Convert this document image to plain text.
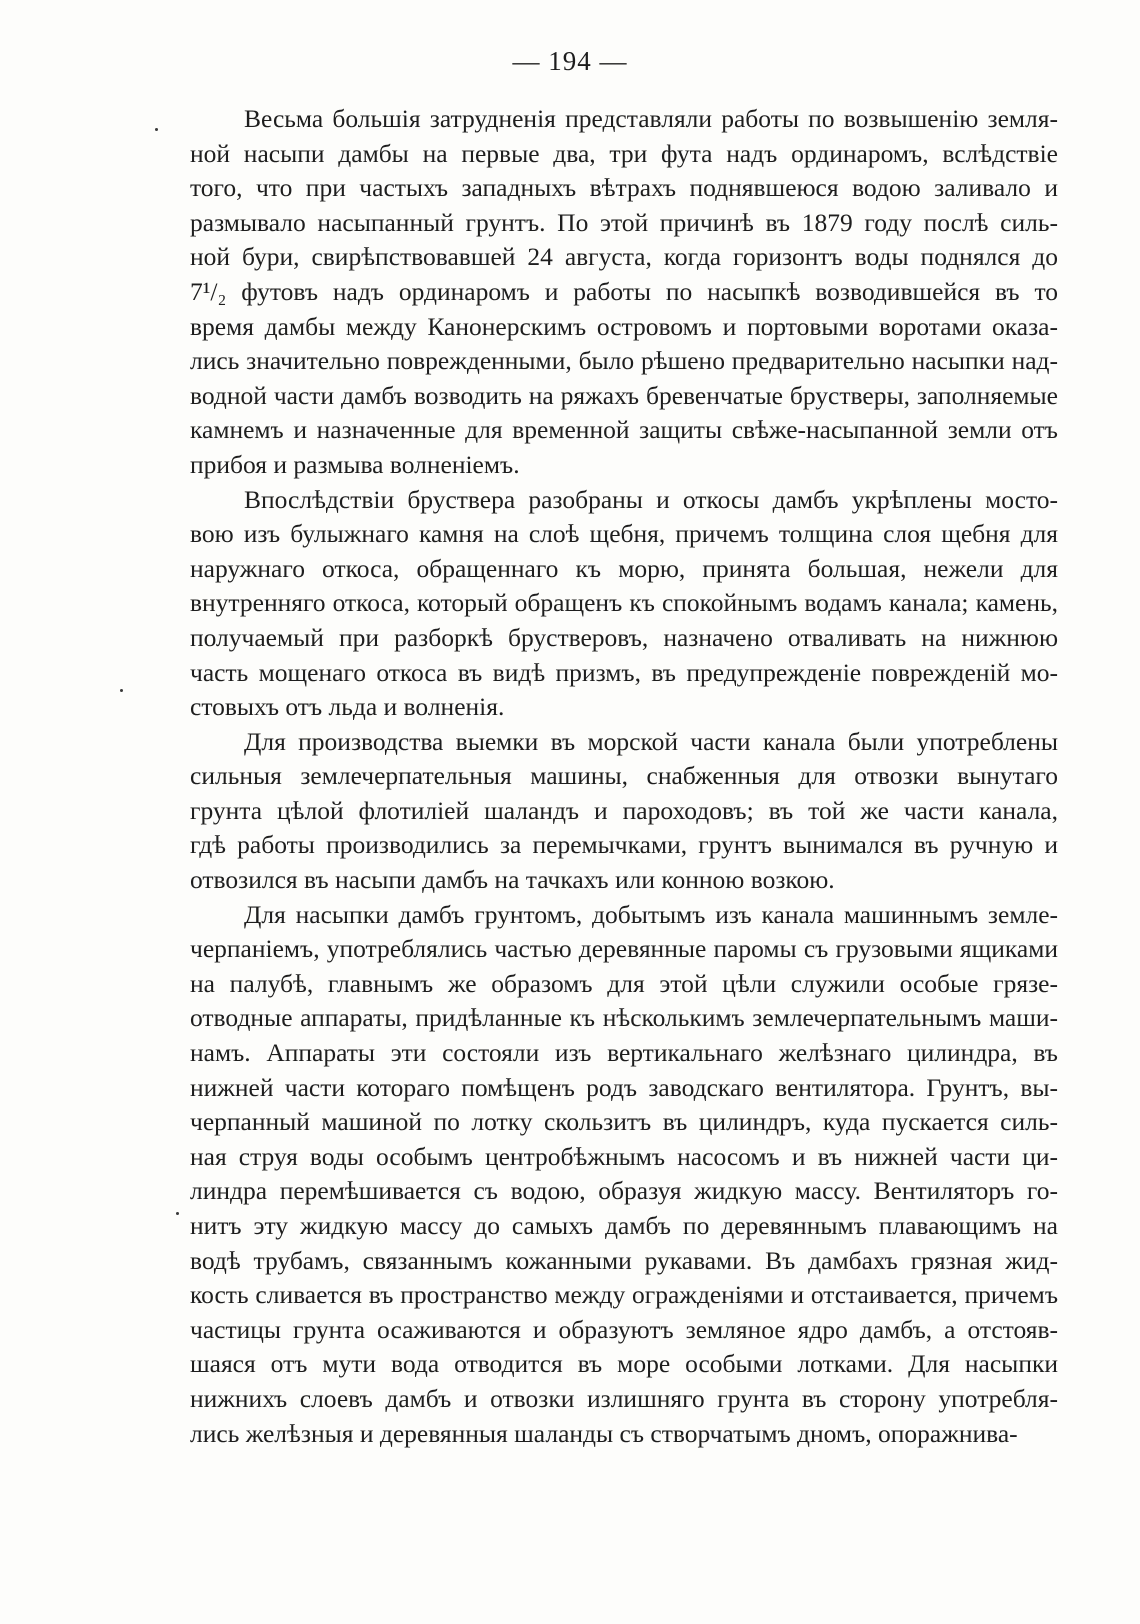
— 194 —
Весьма большія затрудненія представляли работы по возвышенію земля-
ной насыпи дамбы на первые два, три фута надъ ординаромъ, вслѣдствіе
того, что при частыхъ западныхъ вѣтрахъ поднявшеюся водою заливало и
размывало насыпанный грунтъ. По этой причинѣ въ 1879 году послѣ силь-
ной бури, свирѣпствовавшей 24 августа, когда горизонтъ воды поднялся до
7¹/₂ футовъ надъ ординаромъ и работы по насыпкѣ возводившейся въ то
время дамбы между Канонерскимъ островомъ и портовыми воротами оказа-
лись значительно поврежденными, было рѣшено предварительно насыпки над-
водной части дамбъ возводить на ряжахъ бревенчатые брустверы, заполняемые
камнемъ и назначенные для временной защиты свѣже-насыпанной земли отъ
прибоя и размыва волненіемъ.
Впослѣдствіи брустверa разобраны и откосы дамбъ укрѣплены мосто-
вою изъ булыжнаго камня на слоѣ щебня, причемъ толщина слоя щебня для
наружнаго откоса, обращеннаго къ морю, принята большая, нежели для
внутренняго откоса, который обращенъ къ спокойнымъ водамъ канала; камень,
получаемый при разборкѣ брустверовъ, назначено отваливать на нижнюю
часть мощенаго откоса въ видѣ призмъ, въ предупрежденіе поврежденій мо-
стовыхъ отъ льда и волненія.
Для производства выемки въ морской части канала были употреблены
сильныя землечерпательныя машины, снабженныя для отвозки вынутаго
грунта цѣлой флотиліей шаландъ и пароходовъ; въ той же части канала,
гдѣ работы производились за перемычками, грунтъ вынимался въ ручную и
отвозился въ насыпи дамбъ на тачкахъ или конною возкою.
Для насыпки дамбъ грунтомъ, добытымъ изъ канала машиннымъ земле-
черпаніемъ, употреблялись частью деревянные паромы съ грузовыми ящиками
на палубѣ, главнымъ же образомъ для этой цѣли служили особые грязе-
отводные аппараты, придѣланные къ нѣсколькимъ землечерпательнымъ маши-
намъ. Аппараты эти состояли изъ вертикальнаго желѣзнаго цилиндра, въ
нижней части котораго помѣщенъ родъ заводскаго вентилятора. Грунтъ, вы-
черпанный машиной по лотку скользитъ въ цилиндръ, куда пускается силь-
ная струя воды особымъ центробѣжнымъ насосомъ и въ нижней части ци-
линдра перемѣшивается съ водою, образуя жидкую массу. Вентиляторъ го-
нитъ эту жидкую массу до самыхъ дамбъ по деревяннымъ плавающимъ на
водѣ трубамъ, связаннымъ кожанными рукавами. Въ дамбахъ грязная жид-
кость сливается въ пространство между огражденіями и отстаивается, причемъ
частицы грунта осаживаются и образуютъ земляное ядро дамбъ, а отстояв-
шаяся отъ мути вода отводится въ море особыми лотками. Для насыпки
нижнихъ слоевъ дамбъ и отвозки излишняго грунта въ сторону употребля-
лись желѣзныя и деревянныя шаланды съ створчатымъ дномъ, опоражнива-
